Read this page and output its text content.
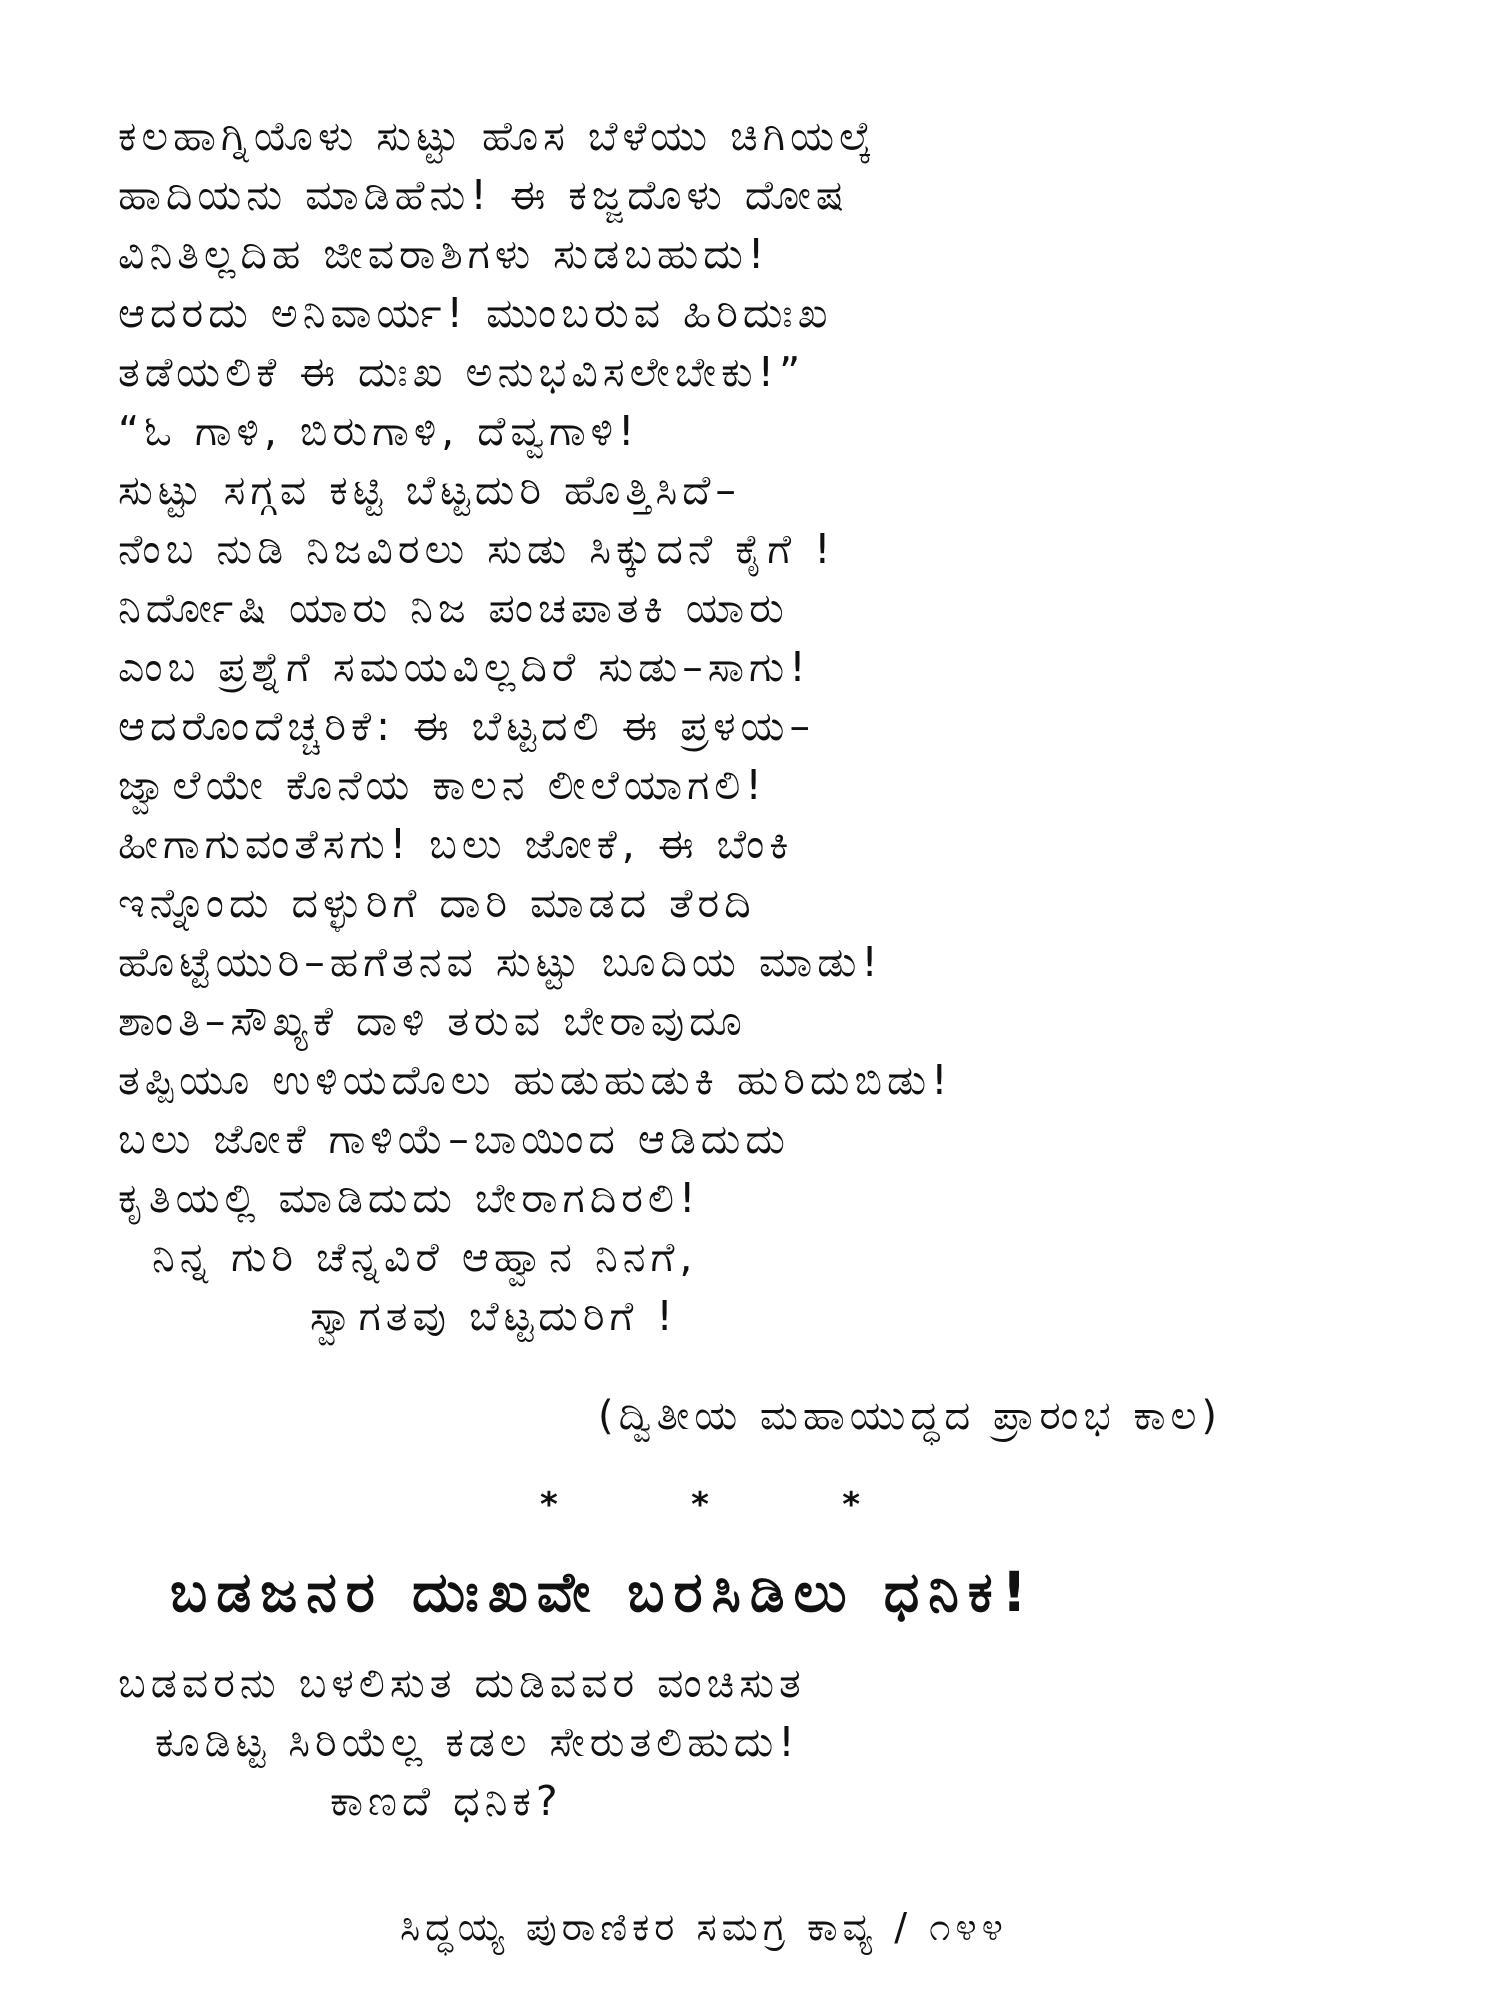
ಕಲಹಾಗ್ನಿಯೊಳು ಸುಟ್ಟು ಹೊಸ ಬೆಳೆಯು ಚಿಗಿಯಲ್ಕೆ
ಹಾದಿಯನು ಮಾಡಿಹೆನು! ಈ ಕಜ್ಜದೊಳು ದೋಷ
ವಿನಿತಿಲ್ಲದಿಹ ಜೀವರಾಶಿಗಳು ಸುಡಬಹುದು!
ಆದರದು ಅನಿವಾರ್ಯ! ಮುಂಬರುವ ಹಿರಿದುಃಖ
ತಡೆಯಲಿಕೆ ಈ ದುಃಖ ಅನುಭವಿಸಲೇಬೇಕು!”
“ಓ ಗಾಳಿ, ಬಿರುಗಾಳಿ, ದೆವ್ವಗಾಳಿ!
ಸುಟ್ಟು ಸಗ್ಗವ ಕಟ್ಟಿ ಬೆಟ್ಟದುರಿ ಹೊತ್ತಿಸಿದೆ–
ನೆಂಬ ನುಡಿ ನಿಜವಿರಲು ಸುಡು ಸಿಕ್ಕುದನೆ ಕೈಗೆ !
ನಿರ್ದೋಷಿ ಯಾರು ನಿಜ ಪಂಚಪಾತಕಿ ಯಾರು
ಎಂಬ ಪ್ರಶ್ನೆಗೆ ಸಮಯವಿಲ್ಲದಿರೆ ಸುಡು–ಸಾಗು!
ಆದರೊಂದೆಚ್ಚರಿಕೆ: ಈ ಬೆಟ್ಟದಲಿ ಈ ಪ್ರಳಯ–
ಜ್ವಾಲೆಯೇ ಕೊನೆಯ ಕಾಲನ ಲೀಲೆಯಾಗಲಿ!
ಹೀಗಾಗುವಂತೆಸಗು! ಬಲು ಜೋಕೆ, ಈ ಬೆಂಕಿ
ಇನ್ನೊಂದು ದಳ್ಳುರಿಗೆ ದಾರಿ ಮಾಡದ ತೆರದಿ
ಹೊಟ್ಟೆಯುರಿ–ಹಗೆತನವ ಸುಟ್ಟು ಬೂದಿಯ ಮಾಡು!
ಶಾಂತಿ–ಸೌಖ್ಯಕೆ ದಾಳಿ ತರುವ ಬೇರಾವುದೂ
ತಪ್ಪಿಯೂ ಉಳಿಯದೊಲು ಹುಡುಹುಡುಕಿ ಹುರಿದುಬಿಡು!
ಬಲು ಜೋಕೆ ಗಾಳಿಯೆ–ಬಾಯಿಂದ ಆಡಿದುದು
ಕೃತಿಯಲ್ಲಿ ಮಾಡಿದುದು ಬೇರಾಗದಿರಲಿ!
ನಿನ್ನ ಗುರಿ ಚೆನ್ನವಿರೆ ಆಹ್ವಾನ ನಿನಗೆ,
ಸ್ವಾಗತವು ಬೆಟ್ಟದುರಿಗೆ !
(ದ್ವಿತೀಯ ಮಹಾಯುದ್ಧದ ಪ್ರಾರಂಭ ಕಾಲ)
*	*	*
ಬಡಜನರ ದುಃಖವೇ ಬರಸಿಡಿಲು ಧನಿಕ!
ಬಡವರನು ಬಳಲಿಸುತ ದುಡಿವವರ ವಂಚಿಸುತ
ಕೂಡಿಟ್ಟ ಸಿರಿಯೆಲ್ಲ ಕಡಲ ಸೇರುತಲಿಹುದು!
ಕಾಣದೆ ಧನಿಕ?
ಸಿದ್ಧಯ್ಯ ಪುರಾಣಿಕರ ಸಮಗ್ರ ಕಾವ್ಯ / ೧೪೪
